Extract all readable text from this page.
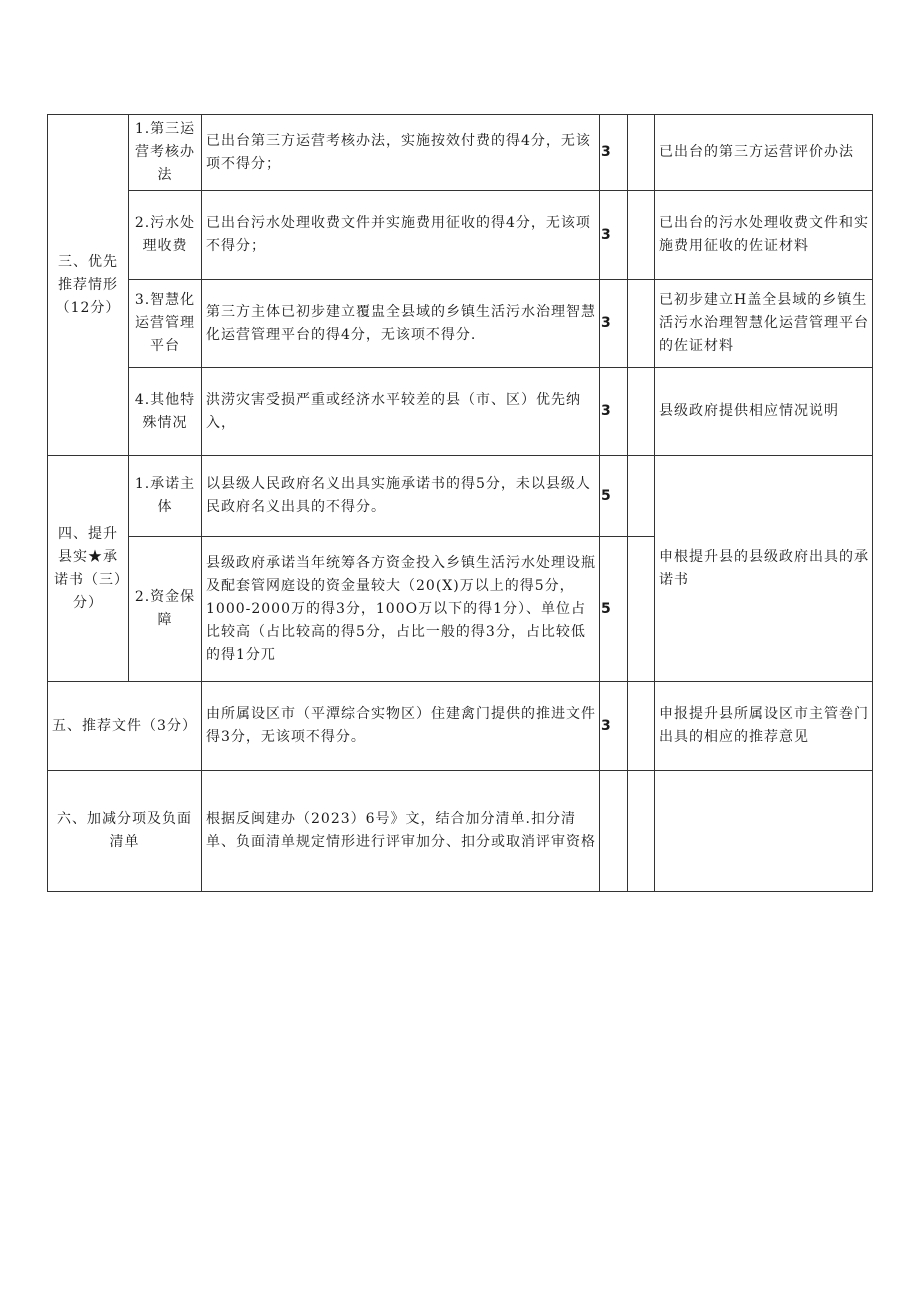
三、优先推荐情形（12分）	1.第三运营考核办法	已出台第三方运营考核办法，实施按效付费的得4分，无该项不得分；	3		已出台的第三方运营评价办法
	2.污水处理收费	已出台污水处理收费文件并实施费用征收的得4分，无该项不得分；	3		已出台的污水处理收费文件和实施费用征收的佐证材料
	3.智慧化运营管理平台	第三方主体已初步建立覆盅全县域的乡镇生活污水治理智慧化运营管理平台的得4分，无该项不得分.	3		已初步建立H盖全县域的乡镇生活污水治理智慧化运营管理平台的佐证材料
	4.其他特殊情况	洪涝灾害受损严重或经济水平较差的县（市、区）优先纳入，	3		县级政府提供相应情况说明
四、提升县实★承诺书（三）分）	1.承诺主体	以县级人民政府名义出具实施承诺书的得5分，未以县级人民政府名义出具的不得分。	5		申根提升县的县级政府出具的承诺书
	2.资金保障	县级政府承诺当年统筹各方资金投入乡镇生活污水处理设瓶及配套管网庭设的资金量较大（20(X)万以上的得5分，1000-2000万的得3分，100O万以下的得1分）、单位占比较高（占比较高的得5分，占比一般的得3分，占比较低的得1分兀	5		
五、推荐文件（3分）		由所属设区市（平潭综合实物区）住建禽门提供的推进文件得3分，无该项不得分。	3		申报提升县所属设区市主管巻门出具的相应的推荐意见
六、加减分项及负面清单		根据反闽建办（2023）6号》文，结合加分清单.扣分清单、负面清单规定情形进行评审加分、扣分或取消评审资格			
